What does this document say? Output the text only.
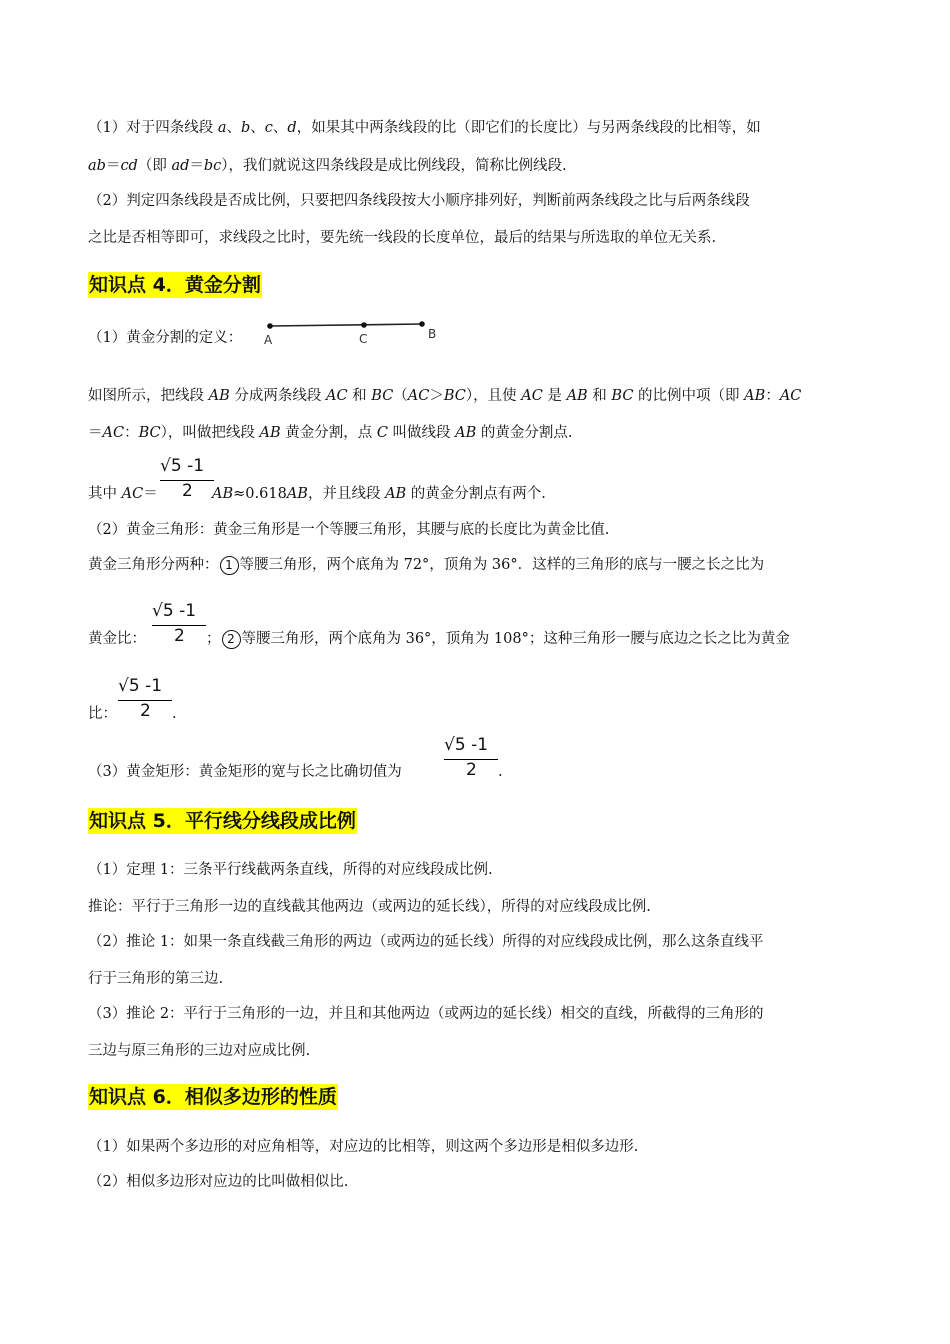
（1）对于四条线段 a、b、c、d，如果其中两条线段的比（即它们的长度比）与另两条线段的比相等，如
ab＝cd（即 ad＝bc），我们就说这四条线段是成比例线段，简称比例线段.
（2）判定四条线段是否成比例，只要把四条线段按大小顺序排列好，判断前两条线段之比与后两条线段
之比是否相等即可，求线段之比时，要先统一线段的长度单位，最后的结果与所选取的单位无关系.
知识点 4．黄金分割
（1）黄金分割的定义： A	C	B
如图所示，把线段 AB 分成两条线段 AC 和 BC（AC＞BC），且使 AC 是 AB 和 BC 的比例中项（即 AB：AC
＝AC：BC），叫做把线段 AB 黄金分割，点 C 叫做线段 AB 的黄金分割点.
其中 AC＝
√5 -1
2 AB≈0.618AB，并且线段 AB 的黄金分割点有两个.
（2）黄金三角形：黄金三角形是一个等腰三角形，其腰与底的长度比为黄金比值.
黄金三角形分两种： 1 等腰三角形，两个底角为 72°，顶角为 36°．这样的三角形的底与一腰之长之比为
黄金比：
√5 -1
2 ； 2 等腰三角形，两个底角为 36°，顶角为 108°；这种三角形一腰与底边之长之比为黄金
比：
√5 -1
2 .
（3）黄金矩形：黄金矩形的宽与长之比确切值为
√5 -1
2 .
知识点 5．平行线分线段成比例
（1）定理 1：三条平行线截两条直线，所得的对应线段成比例.
推论：平行于三角形一边的直线截其他两边（或两边的延长线），所得的对应线段成比例.
（2）推论 1：如果一条直线截三角形的两边（或两边的延长线）所得的对应线段成比例，那么这条直线平
行于三角形的第三边.
（3）推论 2：平行于三角形的一边，并且和其他两边（或两边的延长线）相交的直线，所截得的三角形的
三边与原三角形的三边对应成比例.
知识点 6．相似多边形的性质
（1）如果两个多边形的对应角相等，对应边的比相等，则这两个多边形是相似多边形.
（2）相似多边形对应边的比叫做相似比.
